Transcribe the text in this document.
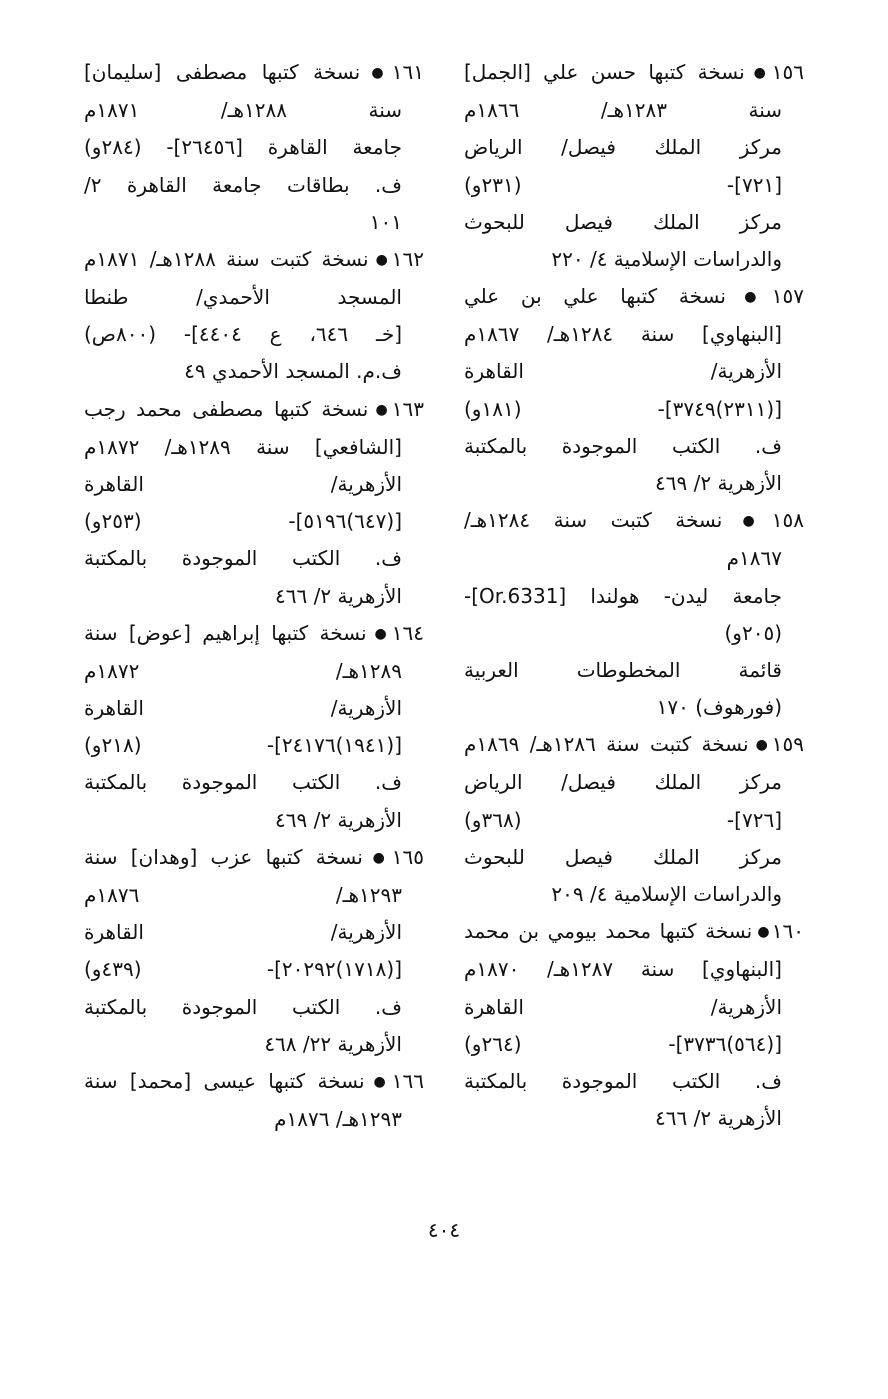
١٥٦●نسخة كتبها حسن علي [الجمل]
سنة ١٢٨٣هـ/ ١٨٦٦م
مركز الملك فيصل/ الرياض
[٧٢١]- (٢٣١و)
مركز الملك فيصل للبحوث
والدراسات الإسلامية ٤/ ٢٢٠
١٥٧●نسخة كتبها علي بن علي
[البنهاوي] سنة ١٢٨٤هـ/ ١٨٦٧م
الأزهرية/ القاهرة
[(٢٣١١)٣٧٤٩]- (١٨١و)
ف. الكتب الموجودة بالمكتبة
الأزهرية ٢/ ٤٦٩
١٥٨●نسخة كتبت سنة ١٢٨٤هـ/
١٨٦٧م
جامعة ليدن- هولندا [Or.6331]-
(٢٠٥و)
قائمة المخطوطات العربية
(فورهوف) ١٧٠
١٥٩●نسخة كتبت سنة ١٢٨٦هـ/ ١٨٦٩م
مركز الملك فيصل/ الرياض
[٧٢٦]- (٣٦٨و)
مركز الملك فيصل للبحوث
والدراسات الإسلامية ٤/ ٢٠٩
١٦٠●نسخة كتبها محمد بيومي بن محمد
[البنهاوي] سنة ١٢٨٧هـ/ ١٨٧٠م
الأزهرية/ القاهرة
[(٥٦٤)٣٧٣٦]- (٢٦٤و)
ف. الكتب الموجودة بالمكتبة
الأزهرية ٢/ ٤٦٦
١٦١●نسخة كتبها مصطفى [سليمان]
سنة ١٢٨٨هـ/ ١٨٧١م
جامعة القاهرة [٢٦٤٥٦]- (٢٨٤و)
ف. بطاقات جامعة القاهرة ٢/
١٠١
١٦٢●نسخة كتبت سنة ١٢٨٨هـ/ ١٨٧١م
المسجد الأحمدي/ طنطا
[خـ ٦٤٦، ع ٤٤٠٤]- (٨٠٠ص)
ف.م. المسجد الأحمدي ٤٩
١٦٣●نسخة كتبها مصطفى محمد رجب
[الشافعي] سنة ١٢٨٩هـ/ ١٨٧٢م
الأزهرية/ القاهرة
[(٦٤٧)٥١٩٦]- (٢٥٣و)
ف. الكتب الموجودة بالمكتبة
الأزهرية ٢/ ٤٦٦
١٦٤●نسخة كتبها إبراهيم [عوض] سنة
١٢٨٩هـ/ ١٨٧٢م
الأزهرية/ القاهرة
[(١٩٤١)٢٤١٧٦]- (٢١٨و)
ف. الكتب الموجودة بالمكتبة
الأزهرية ٢/ ٤٦٩
١٦٥●نسخة كتبها عزب [وهدان] سنة
١٢٩٣هـ/ ١٨٧٦م
الأزهرية/ القاهرة
[(١٧١٨)٢٠٢٩٢]- (٤٣٩و)
ف. الكتب الموجودة بالمكتبة
الأزهرية ٢٢/ ٤٦٨
١٦٦●نسخة كتبها عيسى [محمد] سنة
١٢٩٣هـ/ ١٨٧٦م
٤٠٤
